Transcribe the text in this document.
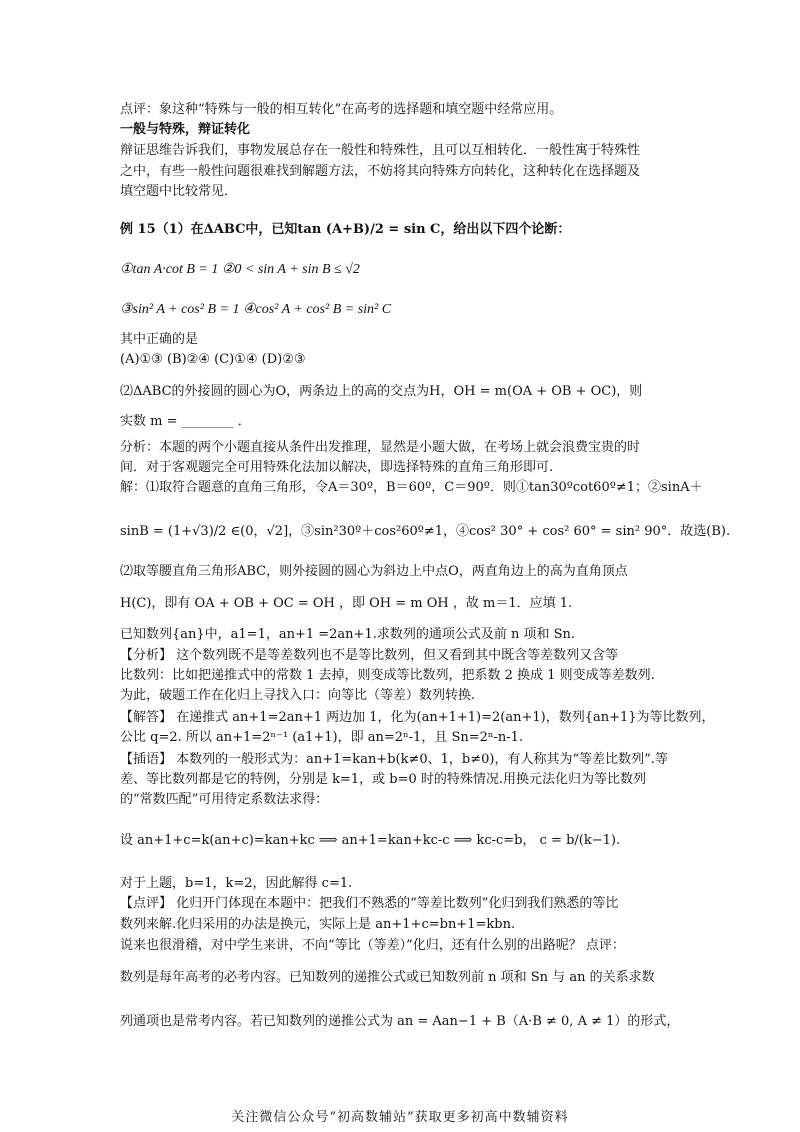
点评：象这种“特殊与一般的相互转化”在高考的选择题和填空题中经常应用。
一般与特殊，辩证转化
辩证思维告诉我们，事物发展总存在一般性和特殊性，且可以互相转化．一般性寓于特殊性
之中，有些一般性问题很难找到解题方法，不妨将其向特殊方向转化，这种转化在选择题及
填空题中比较常见．
例 15（1）在ΔABC中，已知tan (A+B)/2 = sin C，给出以下四个论断：
①tan A·cot B = 1 ②0 < sin A + sin B ≤ √2
③sin² A + cos² B = 1 ④cos² A + cos² B = sin² C
其中正确的是
(A)①③ (B)②④ (C)①④ (D)②③
⑵ΔABC的外接圆的圆心为O，两条边上的高的交点为H，OH = m(OA + OB + OC)，则
实数 m = ________ ．
分析：本题的两个小题直接从条件出发推理，显然是小题大做，在考场上就会浪费宝贵的时
间．对于客观题完全可用特殊化法加以解决，即选择特殊的直角三角形即可.
解：⑴取符合题意的直角三角形，令A＝30º，B＝60º，C＝90º．则①tan30ºcot60º≠1；②sinA＋
sinB = (1+√3)/2 ∈(0，√2]，③sin²30º＋cos²60º≠1，④cos² 30° + cos² 60° = sin² 90°．故选(B).
⑵取等腰直角三角形ABC，则外接圆的圆心为斜边上中点O，两直角边上的高为直角顶点
H(C)，即有 OA + OB + OC = OH ，即 OH = m OH ，故 m＝1．应填 1.
已知数列{an}中，a1=1，an+1 =2an+1.求数列的通项公式及前 n 项和 Sn.
【分析】 这个数列既不是等差数列也不是等比数列，但又看到其中既含等差数列又含等
比数列：比如把递推式中的常数 1 去掉，则变成等比数列，把系数 2 换成 1 则变成等差数列.
为此，破题工作在化归上寻找入口：向等比（等差）数列转换.
【解答】 在递推式 an+1=2an+1 两边加 1，化为(an+1+1)=2(an+1)，数列{an+1}为等比数列，
公比 q=2. 所以 an+1=2ⁿ⁻¹ (a1+1)，即 an=2ⁿ-1，且 Sn=2ⁿ-n-1.
【插语】 本数列的一般形式为：an+1=kan+b(k≠0、1，b≠0)，有人称其为“等差比数列”.等
差、等比数列都是它的特例，分别是 k=1，或 b=0 时的特殊情况.用换元法化归为等比数列
的“常数匹配”可用待定系数法求得：
设 an+1+c=k(an+c)=kan+kc ⟹ an+1=kan+kc-c ⟹ kc-c=b， c = b/(k−1).
对于上题，b=1，k=2，因此解得 c=1.
【点评】 化归开门体现在本题中：把我们不熟悉的“等差比数列”化归到我们熟悉的等比
数列来解.化归采用的办法是换元，实际上是 an+1+c=bn+1=kbn.
说来也很滑稽，对中学生来讲，不向“等比（等差）”化归，还有什么别的出路呢？ 点评：
数列是每年高考的必考内容。已知数列的递推公式或已知数列前 n 项和 Sn 与 an 的关系求数
列通项也是常考内容。若已知数列的递推公式为 an = Aan−1 + B（A·B ≠ 0, A ≠ 1）的形式，
关注微信公众号“初高数辅站”获取更多初高中数辅资料
